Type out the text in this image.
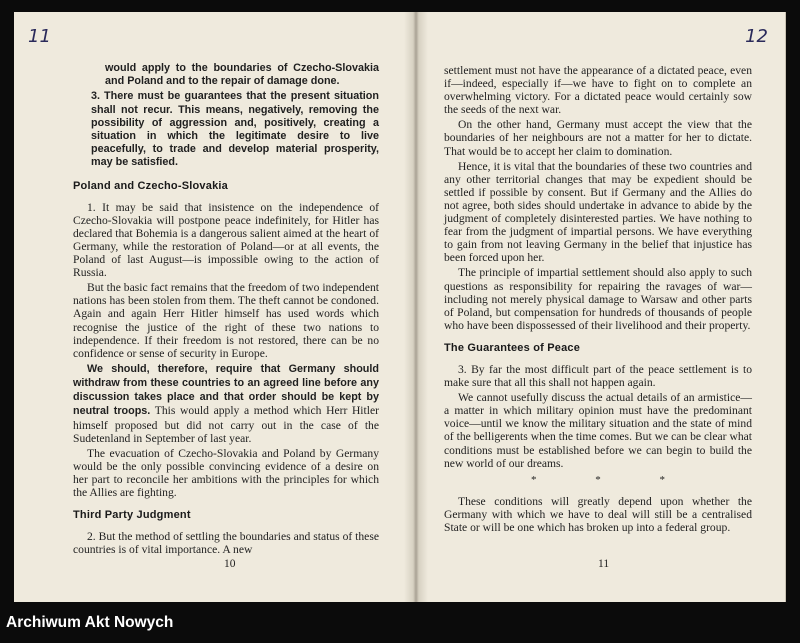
11

would apply to the boundaries of Czecho-Slovakia and Poland and to the repair of damage done.

3. There must be guarantees that the present situation shall not recur. This means, negatively, removing the possibility of aggression and, positively, creating a situation in which the legitimate desire to live peacefully, to trade and develop material prosperity, may be satisfied.

Poland and Czecho-Slovakia

1. It may be said that insistence on the independence of Czecho-Slovakia will postpone peace indefinitely, for Hitler has declared that Bohemia is a dangerous salient aimed at the heart of Germany, while the restoration of Poland—or at all events, the Poland of last August—is impossible owing to the action of Russia.

But the basic fact remains that the freedom of two independent nations has been stolen from them. The theft cannot be condoned. Again and again Herr Hitler himself has used words which recognise the justice of the right of these two nations to independence. If their freedom is not restored, there can be no confidence or sense of security in Europe.

We should, therefore, require that Germany should withdraw from these countries to an agreed line before any discussion takes place and that order should be kept by neutral troops. This would apply a method which Herr Hitler himself proposed but did not carry out in the case of the Sudetenland in September of last year.

The evacuation of Czecho-Slovakia and Poland by Germany would be the only possible convincing evidence of a desire on her part to reconcile her ambitions with the principles for which the Allies are fighting.

Third Party Judgment

2. But the method of settling the boundaries and status of these countries is of vital importance. A new

10
12

settlement must not have the appearance of a dictated peace, even if—indeed, especially if—we have to fight on to complete an overwhelming victory. For a dictated peace would certainly sow the seeds of the next war.

On the other hand, Germany must accept the view that the boundaries of her neighbours are not a matter for her to dictate. That would be to accept her claim to domination.

Hence, it is vital that the boundaries of these two countries and any other territorial changes that may be expedient should be settled if possible by consent. But if Germany and the Allies do not agree, both sides should undertake in advance to abide by the judgment of completely disinterested parties. We have nothing to fear from the judgment of impartial persons. We have everything to gain from not leaving Germany in the belief that injustice has been forced upon her.

The principle of impartial settlement should also apply to such questions as responsibility for repairing the ravages of war—including not merely physical damage to Warsaw and other parts of Poland, but compensation for hundreds of thousands of people who have been dispossessed of their livelihood and their property.

The Guarantees of Peace

3. By far the most difficult part of the peace settlement is to make sure that all this shall not happen again.

We cannot usefully discuss the actual details of an armistice—a matter in which military opinion must have the predominant voice—until we know the military situation and the state of mind of the belligerents when the time comes. But we can be clear what conditions must be established before we can begin to build the new world of our dreams.

* * *

These conditions will greatly depend upon whether the Germany with which we have to deal will still be a centralised State or will be one which has broken up into a federal group.

11
Archiwum Akt Nowych
